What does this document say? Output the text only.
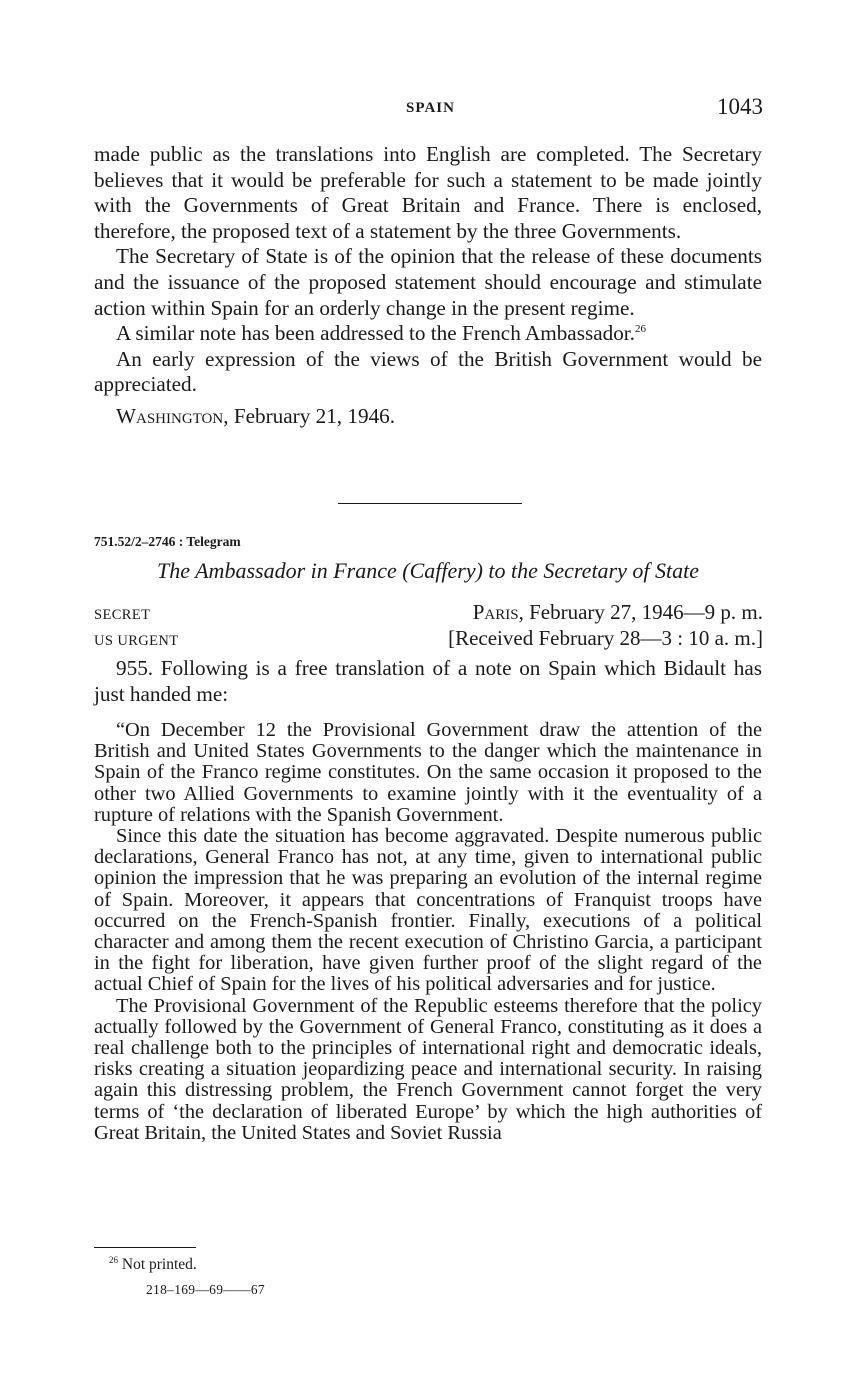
SPAIN	1043

made public as the translations into English are completed. The Secretary believes that it would be preferable for such a statement to be made jointly with the Governments of Great Britain and France. There is enclosed, therefore, the proposed text of a statement by the three Governments.

The Secretary of State is of the opinion that the release of these documents and the issuance of the proposed statement should encourage and stimulate action within Spain for an orderly change in the present regime.

A similar note has been addressed to the French Ambassador.$^{26}$

An early expression of the views of the British Government would be appreciated.

Washington, February 21, 1946.

751.52/2–2746 : Telegram
The Ambassador in France (Caffery) to the Secretary of State
SECRET	Paris, February 27, 1946—9 p. m.
US URGENT	[Received February 28—3 : 10 a. m.]

955. Following is a free translation of a note on Spain which Bidault has just handed me:

“On December 12 the Provisional Government draw the attention of the British and United States Governments to the danger which the maintenance in Spain of the Franco regime constitutes. On the same occasion it proposed to the other two Allied Governments to examine jointly with it the eventuality of a rupture of relations with the Spanish Government.

Since this date the situation has become aggravated. Despite numerous public declarations, General Franco has not, at any time, given to international public opinion the impression that he was preparing an evolution of the internal regime of Spain. Moreover, it appears that concentrations of Franquist troops have occurred on the French-Spanish frontier. Finally, executions of a political character and among them the recent execution of Christino Garcia, a participant in the fight for liberation, have given further proof of the slight regard of the actual Chief of Spain for the lives of his political adversaries and for justice.

The Provisional Government of the Republic esteems therefore that the policy actually followed by the Government of General Franco, constituting as it does a real challenge both to the principles of international right and democratic ideals, risks creating a situation jeopardizing peace and international security. In raising again this distressing problem, the French Government cannot forget the very terms of ‘the declaration of liberated Europe’ by which the high authorities of Great Britain, the United States and Soviet Russia

$^{26}$ Not printed.
218–169—69——67
